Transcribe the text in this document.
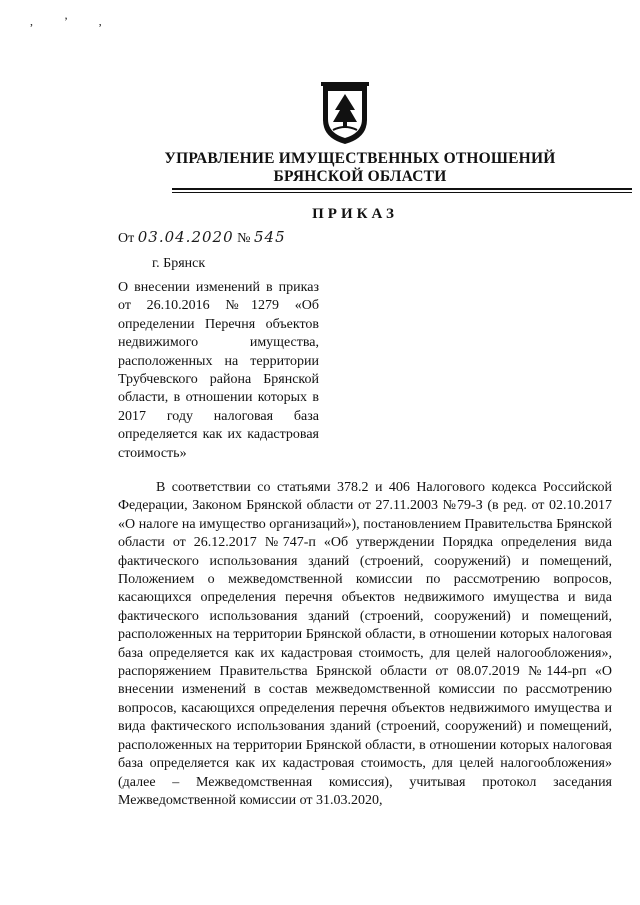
, ’ ‚
УПРАВЛЕНИЕ ИМУЩЕСТВЕННЫХ ОТНОШЕНИЙ
БРЯНСКОЙ ОБЛАСТИ
ПРИКАЗ
От 03.04.2020 № 545
г. Брянск
О внесении изменений в приказ от 26.10.2016 №1279 «Об определении Перечня объектов недвижимого имущества, расположенных на территории Трубчевского района Брянской области, в отношении которых в 2017 году налоговая база определяется как их кадастровая стоимость»
В соответствии со статьями 378.2 и 406 Налогового кодекса Российской Федерации, Законом Брянской области от 27.11.2003 №79-З (в ред. от 02.10.2017 «О налоге на имущество организаций»), постановлением Правительства Брянской области от 26.12.2017 №747-п «Об утверждении Порядка определения вида фактического использования зданий (строений, сооружений) и помещений, Положением о межведомственной комиссии по рассмотрению вопросов, касающихся определения перечня объектов недвижимого имущества и вида фактического использования зданий (строений, сооружений) и помещений, расположенных на территории Брянской области, в отношении которых налоговая база определяется как их кадастровая стоимость, для целей налогообложения», распоряжением Правительства Брянской области от 08.07.2019 №144-рп «О внесении изменений в состав межведомственной комиссии по рассмотрению вопросов, касающихся определения перечня объектов недвижимого имущества и вида фактического использования зданий (строений, сооружений) и помещений, расположенных на территории Брянской области, в отношении которых налоговая база определяется как их кадастровая стоимость, для целей налогообложения» (далее – Межведомственная комиссия), учитывая протокол заседания Межведомственной комиссии от 31.03.2020,
